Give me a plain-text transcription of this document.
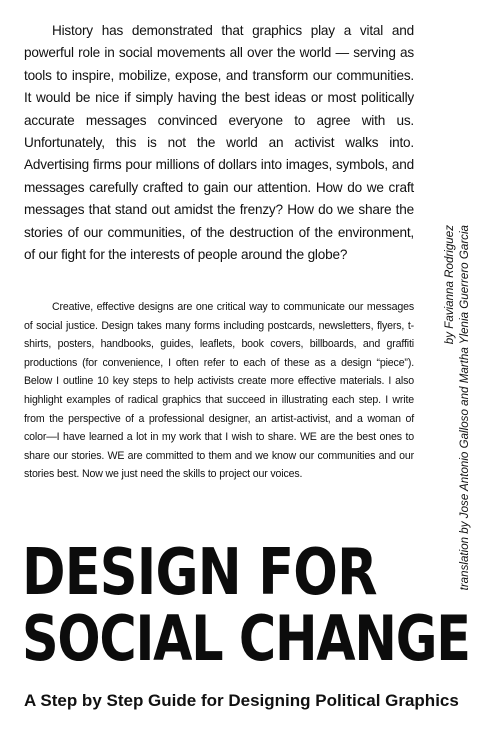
History has demonstrated that graphics play a vital and powerful role in social movements all over the world — serving as tools to inspire, mobilize, expose, and transform our communities. It would be nice if simply having the best ideas or most politically accurate messages convinced everyone to agree with us. Unfortunately, this is not the world an activist walks into. Advertising firms pour millions of dollars into images, symbols, and messages carefully crafted to gain our attention. How do we craft messages that stand out amidst the frenzy? How do we share the stories of our communities, of the destruction of the environment, of our fight for the interests of people around the globe?

Creative, effective designs are one critical way to communicate our messages of social justice. Design takes many forms including postcards, newsletters, flyers, t-shirts, posters, handbooks, guides, leaflets, book covers, billboards, and graffiti productions (for convenience, I often refer to each of these as a design “piece”). Below I outline 10 key steps to help activists create more effective materials. I also highlight examples of radical graphics that succeed in illustrating each step. I write from the perspective of a professional designer, an artist-activist, and a woman of color—I have learned a lot in my work that I wish to share. WE are the best ones to share our stories. WE are committed to them and we know our communities and our stories best. Now we just need the skills to project our voices.

by Favianna Rodriguez translation by Jose Antonio Galloso and Martha Ylenia Guerrero Garcia
DESIGN FOR
SOCIAL CHANGE
A Step by Step Guide for Designing Political Graphics
